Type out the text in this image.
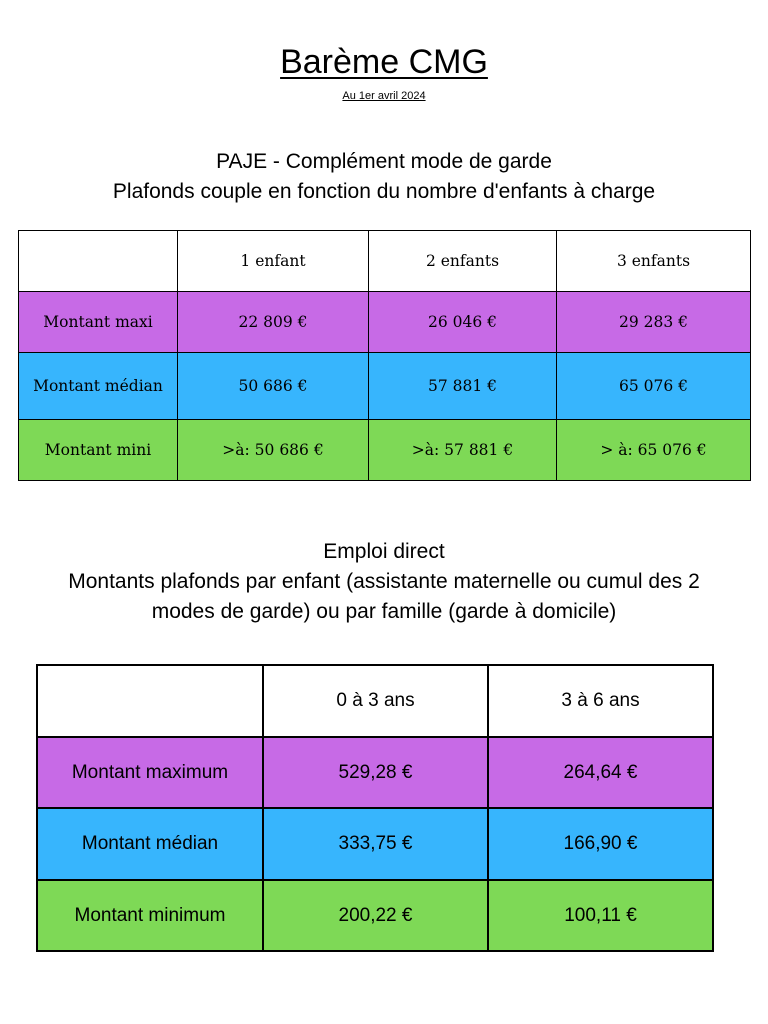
Barème CMG
Au 1er avril 2024
PAJE - Complément mode de garde
Plafonds couple en fonction du nombre d'enfants à charge
	1 enfant	2 enfants	3 enfants
Montant maxi	22 809 €	26 046 €	29 283 €
Montant médian	50 686 €	57 881 €	65 076 €
Montant mini	>à: 50 686 €	>à: 57 881 €	> à: 65 076 €
Emploi direct
Montants plafonds par enfant (assistante maternelle ou cumul des 2
modes de garde) ou par famille (garde à domicile)
	0 à 3 ans	3 à 6 ans
Montant maximum	529,28 €	264,64 €
Montant médian	333,75 €	166,90 €
Montant minimum	200,22 €	100,11 €
